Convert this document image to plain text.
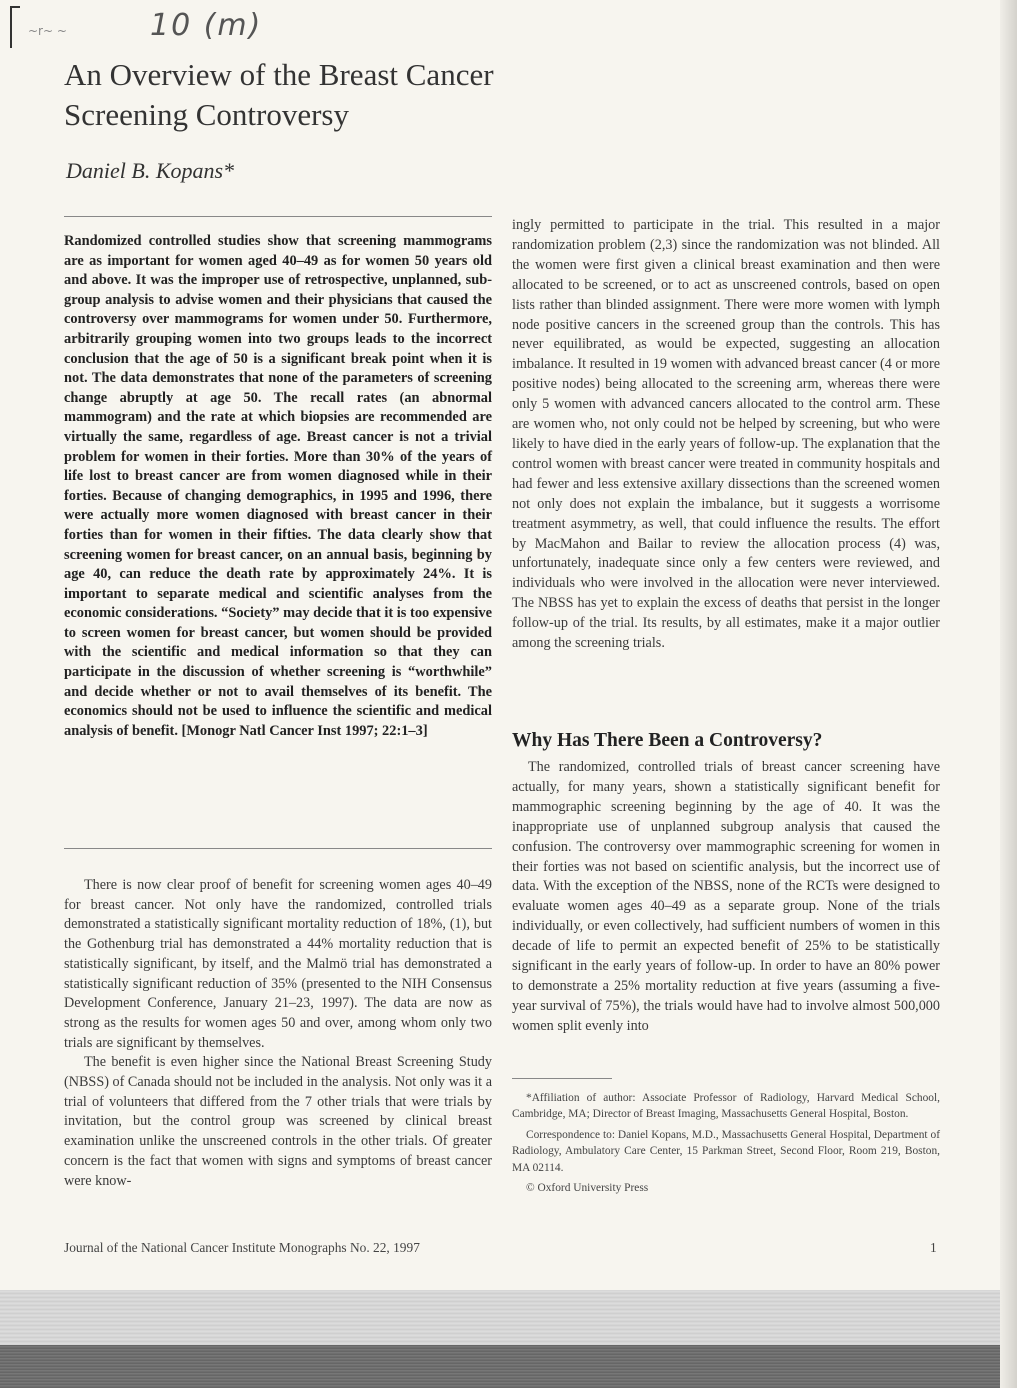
~r~ ~	10 (m)
An Overview of the Breast Cancer
Screening Controversy
Daniel B. Kopans*
Randomized controlled studies show that screening mammograms are as important for women aged 40–49 as for women 50 years old and above. It was the improper use of retrospective, unplanned, sub-group analysis to advise women and their physicians that caused the controversy over mammograms for women under 50. Furthermore, arbitrarily grouping women into two groups leads to the incorrect conclusion that the age of 50 is a significant break point when it is not. The data demonstrates that none of the parameters of screening change abruptly at age 50. The recall rates (an abnormal mammogram) and the rate at which biopsies are recommended are virtually the same, regardless of age. Breast cancer is not a trivial problem for women in their forties. More than 30% of the years of life lost to breast cancer are from women diagnosed while in their forties. Because of changing demographics, in 1995 and 1996, there were actually more women diagnosed with breast cancer in their forties than for women in their fifties. The data clearly show that screening women for breast cancer, on an annual basis, beginning by age 40, can reduce the death rate by approximately 24%. It is important to separate medical and scientific analyses from the economic considerations. “Society” may decide that it is too expensive to screen women for breast cancer, but women should be provided with the scientific and medical information so that they can participate in the discussion of whether screening is “worthwhile” and decide whether or not to avail themselves of its benefit. The economics should not be used to influence the scientific and medical analysis of benefit. [Monogr Natl Cancer Inst 1997; 22:1–3]

There is now clear proof of benefit for screening women ages 40–49 for breast cancer. Not only have the randomized, controlled trials demonstrated a statistically significant mortality reduction of 18%, (1), but the Gothenburg trial has demonstrated a 44% mortality reduction that is statistically significant, by itself, and the Malmö trial has demonstrated a statistically significant reduction of 35% (presented to the NIH Consensus Development Conference, January 21–23, 1997). The data are now as strong as the results for women ages 50 and over, among whom only two trials are significant by themselves.

The benefit is even higher since the National Breast Screening Study (NBSS) of Canada should not be included in the analysis. Not only was it a trial of volunteers that differed from the 7 other trials that were trials by invitation, but the control group was screened by clinical breast examination unlike the unscreened controls in the other trials. Of greater concern is the fact that women with signs and symptoms of breast cancer were know-

ingly permitted to participate in the trial. This resulted in a major randomization problem (2,3) since the randomization was not blinded. All the women were first given a clinical breast examination and then were allocated to be screened, or to act as unscreened controls, based on open lists rather than blinded assignment. There were more women with lymph node positive cancers in the screened group than the controls. This has never equilibrated, as would be expected, suggesting an allocation imbalance. It resulted in 19 women with advanced breast cancer (4 or more positive nodes) being allocated to the screening arm, whereas there were only 5 women with advanced cancers allocated to the control arm. These are women who, not only could not be helped by screening, but who were likely to have died in the early years of follow-up. The explanation that the control women with breast cancer were treated in community hospitals and had fewer and less extensive axillary dissections than the screened women not only does not explain the imbalance, but it suggests a worrisome treatment asymmetry, as well, that could influence the results. The effort by MacMahon and Bailar to review the allocation process (4) was, unfortunately, inadequate since only a few centers were reviewed, and individuals who were involved in the allocation were never interviewed. The NBSS has yet to explain the excess of deaths that persist in the longer follow-up of the trial. Its results, by all estimates, make it a major outlier among the screening trials.

Why Has There Been a Controversy?

The randomized, controlled trials of breast cancer screening have actually, for many years, shown a statistically significant benefit for mammographic screening beginning by the age of 40. It was the inappropriate use of unplanned subgroup analysis that caused the confusion. The controversy over mammographic screening for women in their forties was not based on scientific analysis, but the incorrect use of data. With the exception of the NBSS, none of the RCTs were designed to evaluate women ages 40–49 as a separate group. None of the trials individually, or even collectively, had sufficient numbers of women in this decade of life to permit an expected benefit of 25% to be statistically significant in the early years of follow-up. In order to have an 80% power to demonstrate a 25% mortality reduction at five years (assuming a five-year survival of 75%), the trials would have had to involve almost 500,000 women split evenly into

*Affiliation of author: Associate Professor of Radiology, Harvard Medical School, Cambridge, MA; Director of Breast Imaging, Massachusetts General Hospital, Boston.

Correspondence to: Daniel Kopans, M.D., Massachusetts General Hospital, Department of Radiology, Ambulatory Care Center, 15 Parkman Street, Second Floor, Room 219, Boston, MA 02114.

© Oxford University Press

Journal of the National Cancer Institute Monographs No. 22, 1997	1
